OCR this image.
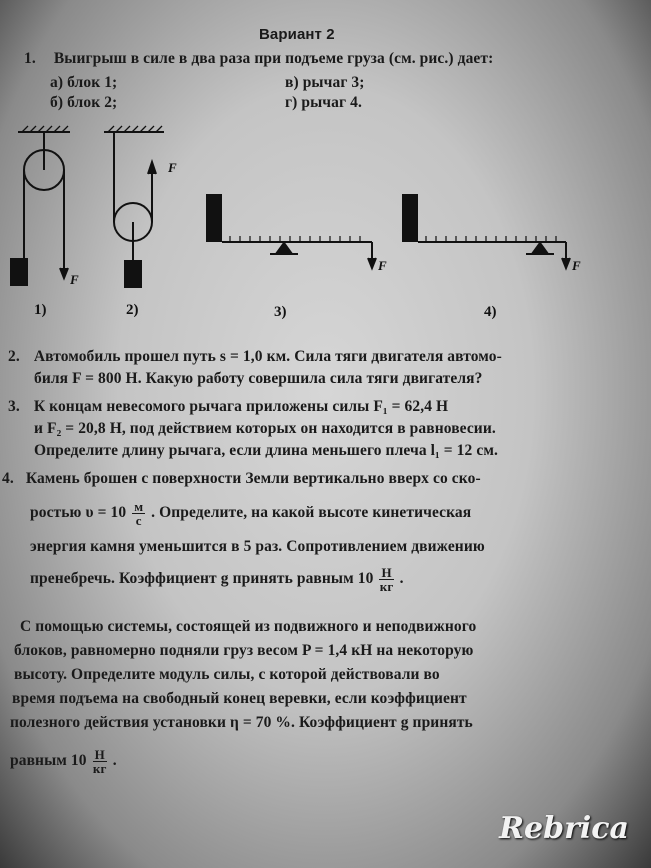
Вариант 2
1. Выигрыш в силе в два раза при подъеме груза (см. рис.) дает:
а) блок 1;
б) блок 2;
в) рычаг 3;
г) рычаг 4.
F
F
F	F
1)	2)	3)	4)
2. Автомобиль прошел путь s = 1,0 км. Сила тяги двигателя автомо-
биля F = 800 Н. Какую работу совершила сила тяги двигателя?
3. К концам невесомого рычага приложены силы F₁ = 62,4 Н
и F₂ = 20,8 Н, под действием которых он находится в равновесии.
Определите длину рычага, если длина меньшего плеча l₁ = 12 см.
4. Камень брошен с поверхности Земли вертикально вверх со ско-
ростью $\upsilon = 10 \frac{м}{с}$ . Определите, на какой высоте кинетическая
энергия камня уменьшится в 5 раз. Сопротивлением движению
пренебречь. Коэффициент g принять равным $10 \frac{Н}{кг}$ .
С помощью системы, состоящей из подвижного и неподвижного
блоков, равномерно подняли груз весом P = 1,4 кН на некоторую
высоту. Определите модуль силы, с которой действовали во
время подъема на свободный конец веревки, если коэффициент
полезного действия установки η = 70 %. Коэффициент g принять
равным $10 \frac{Н}{кг}$ .
Rebrica
